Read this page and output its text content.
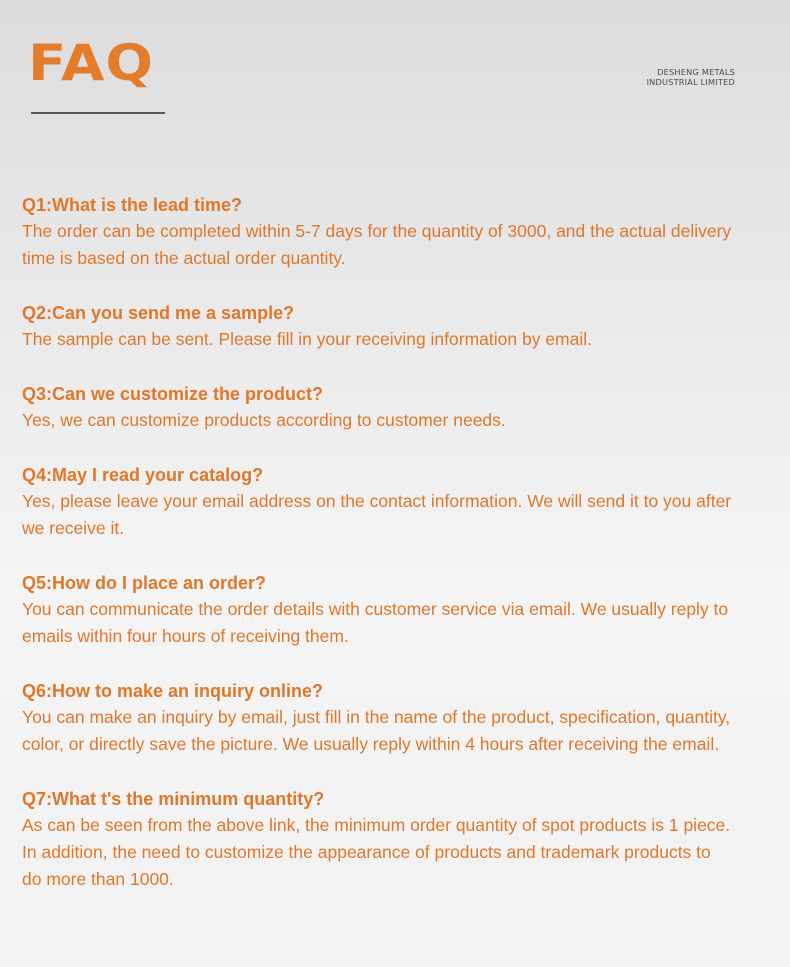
FAQ	DESHENG METALS
INDUSTRIAL LIMITED

Q1:What is the lead time?

The order can be completed within 5-7 days for the quantity of 3000, and the actual delivery
time is based on the actual order quantity.

Q2:Can you send me a sample?

The sample can be sent. Please fill in your receiving information by email.

Q3:Can we customize the product?

Yes, we can customize products according to customer needs.

Q4:May I read your catalog?

Yes, please leave your email address on the contact information. We will send it to you after
we receive it.

Q5:How do I place an order?

You can communicate the order details with customer service via email. We usually reply to
emails within four hours of receiving them.

Q6:How to make an inquiry online?

You can make an inquiry by email, just fill in the name of the product, specification, quantity,
color, or directly save the picture. We usually reply within 4 hours after receiving the email.

Q7:What t's the minimum quantity?

As can be seen from the above link, the minimum order quantity of spot products is 1 piece.
In addition, the need to customize the appearance of products and trademark products to
do more than 1000.
